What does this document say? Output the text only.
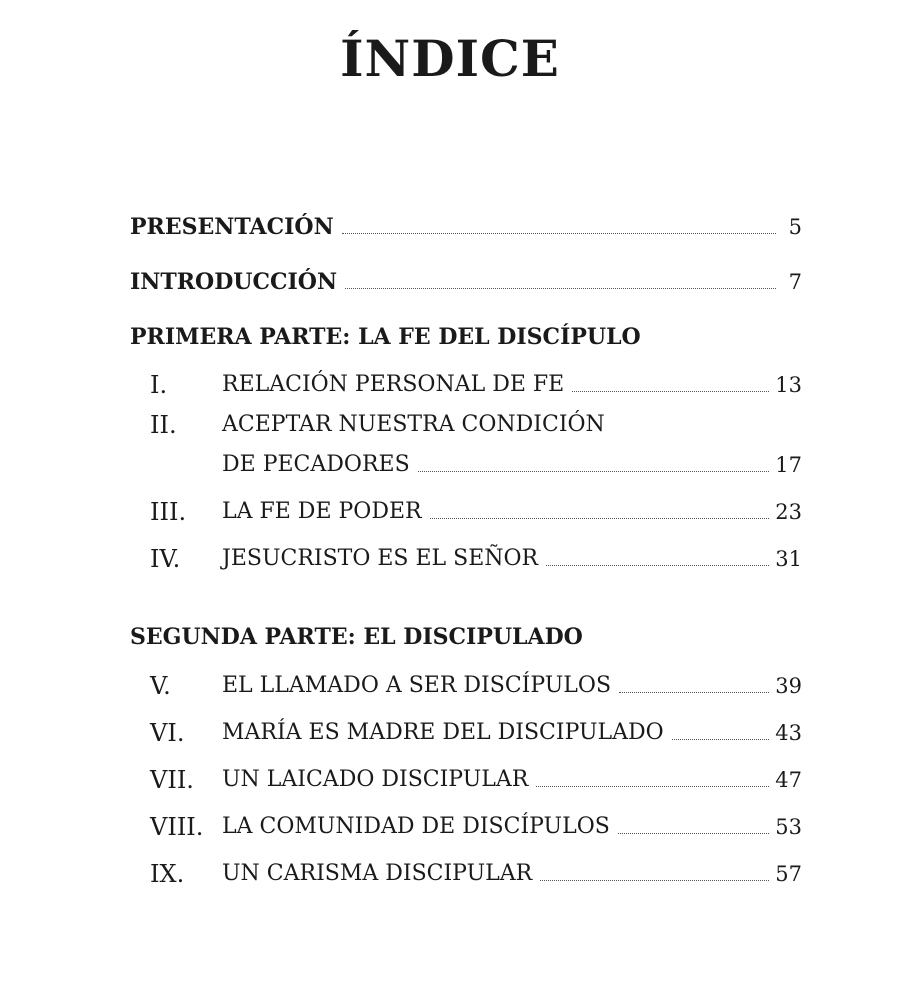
ÍNDICE
PRESENTACIÓN	5
INTRODUCCIÓN	7
PRIMERA PARTE: LA FE DEL DISCÍPULO
I.	RELACIÓN PERSONAL DE FE	13
II.	ACEPTAR NUESTRA CONDICIÓN
DE PECADORES	17
III.	LA FE DE PODER	23
IV.	JESUCRISTO ES EL SEÑOR	31
SEGUNDA PARTE: EL DISCIPULADO
V.	EL LLAMADO A SER DISCÍPULOS	39
VI.	MARÍA ES MADRE DEL DISCIPULADO	43
VII.	UN LAICADO DISCIPULAR	47
VIII. LA COMUNIDAD DE DISCÍPULOS	53
IX.	UN CARISMA DISCIPULAR	57
